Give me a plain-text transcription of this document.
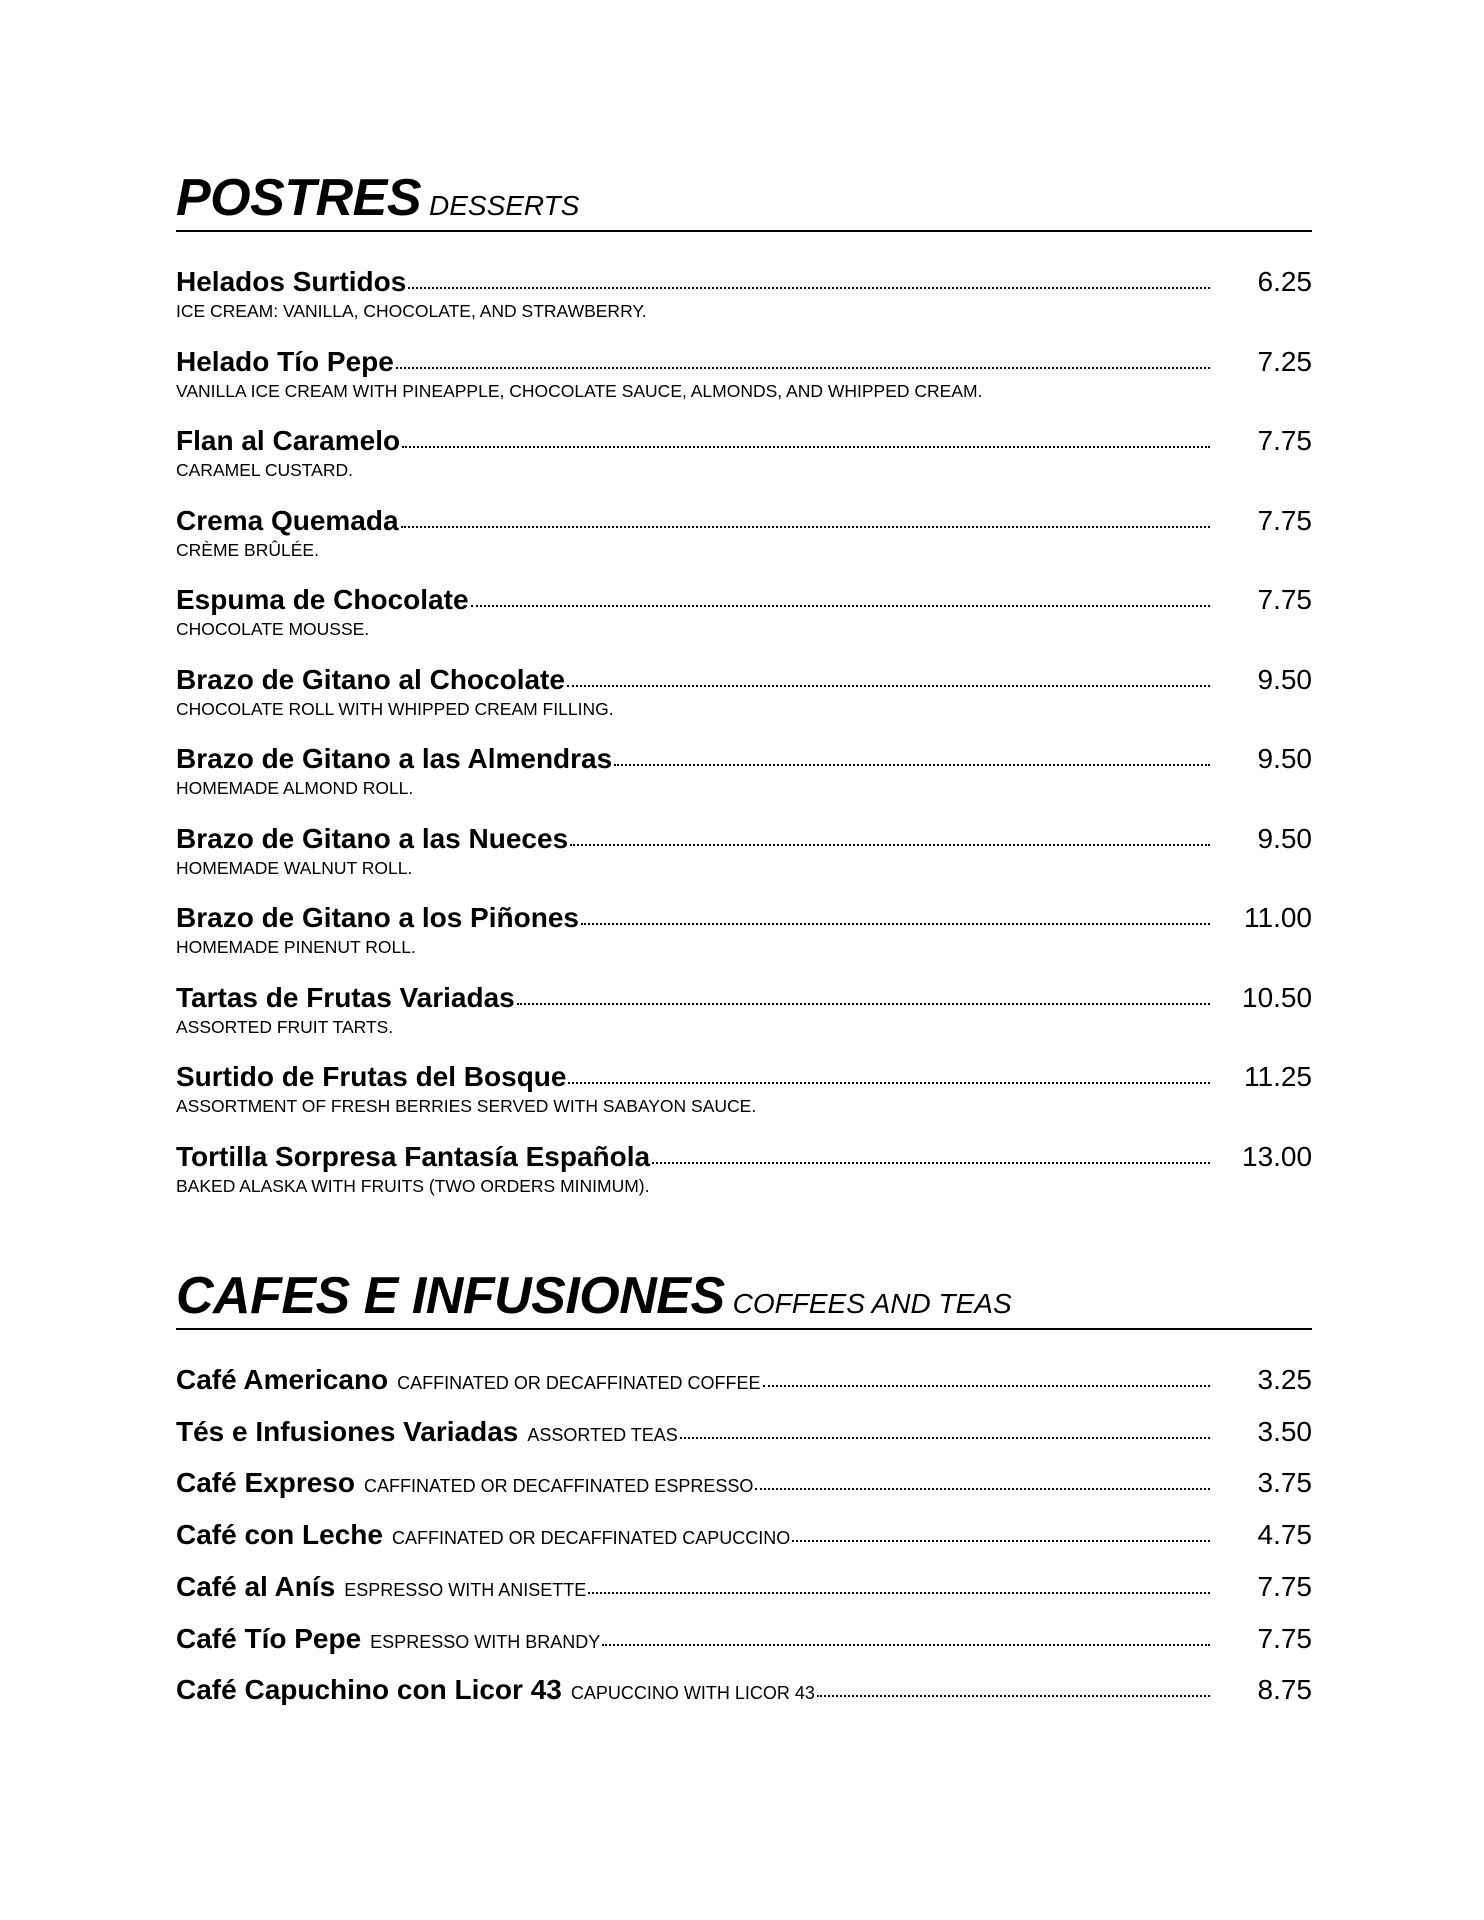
POSTRES DESSERTS
Helados Surtidos	6.25
ICE CREAM: VANILLA, CHOCOLATE, AND STRAWBERRY.
Helado Tío Pepe	7.25
VANILLA ICE CREAM WITH PINEAPPLE, CHOCOLATE SAUCE, ALMONDS, AND WHIPPED CREAM.
Flan al Caramelo	7.75
CARAMEL CUSTARD.
Crema Quemada	7.75
CRÈME BRÛLÉE.
Espuma de Chocolate	7.75
CHOCOLATE MOUSSE.
Brazo de Gitano al Chocolate	9.50
CHOCOLATE ROLL WITH WHIPPED CREAM FILLING.
Brazo de Gitano a las Almendras	9.50
HOMEMADE ALMOND ROLL.
Brazo de Gitano a las Nueces	9.50
HOMEMADE WALNUT ROLL.
Brazo de Gitano a los Piñones	11.00
HOMEMADE PINENUT ROLL.
Tartas de Frutas Variadas	10.50
ASSORTED FRUIT TARTS.
Surtido de Frutas del Bosque	11.25
ASSORTMENT OF FRESH BERRIES SERVED WITH SABAYON SAUCE.
Tortilla Sorpresa Fantasía Española	13.00
BAKED ALASKA WITH FRUITS (TWO ORDERS MINIMUM).
CAFES E INFUSIONES COFFEES AND TEAS
Café Americano CAFFINATED OR DECAFFINATED COFFEE	3.25
Tés e Infusiones Variadas ASSORTED TEAS	3.50
Café Expreso CAFFINATED OR DECAFFINATED ESPRESSO	3.75
Café con Leche CAFFINATED OR DECAFFINATED CAPUCCINO	4.75
Café al Anís ESPRESSO WITH ANISETTE	7.75
Café Tío Pepe ESPRESSO WITH BRANDY	7.75
Café Capuchino con Licor 43 CAPUCCINO WITH LICOR 43	8.75
